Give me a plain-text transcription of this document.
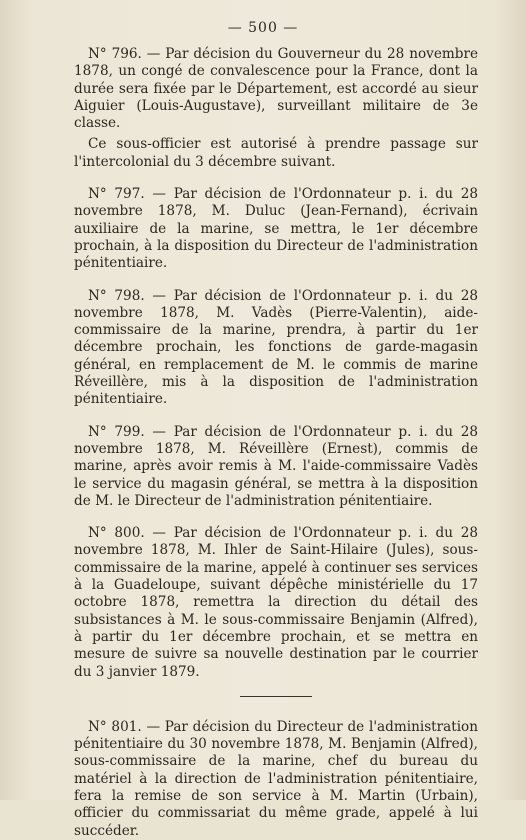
— 500 —

N° 796. — Par décision du Gouverneur du 28 novembre 1878, un congé de convalescence pour la France, dont la durée sera fixée par le Département, est accordé au sieur Aiguier (Louis-Augustave), surveillant militaire de 3e classe.

Ce sous-officier est autorisé à prendre passage sur l'intercolonial du 3 décembre suivant.

N° 797. — Par décision de l'Ordonnateur p. i. du 28 novembre 1878, M. Duluc (Jean-Fernand), écrivain auxiliaire de la marine, se mettra, le 1er décembre prochain, à la disposition du Directeur de l'administration pénitentiaire.

N° 798. — Par décision de l'Ordonnateur p. i. du 28 novembre 1878, M. Vadès (Pierre-Valentin), aide-commissaire de la marine, prendra, à partir du 1er décembre prochain, les fonctions de garde-magasin général, en remplacement de M. le commis de marine Réveillère, mis à la disposition de l'administration pénitentiaire.

N° 799. — Par décision de l'Ordonnateur p. i. du 28 novembre 1878, M. Réveillère (Ernest), commis de marine, après avoir remis à M. l'aide-commissaire Vadès le service du magasin général, se mettra à la disposition de M. le Directeur de l'administration pénitentiaire.

N° 800. — Par décision de l'Ordonnateur p. i. du 28 novembre 1878, M. Ihler de Saint-Hilaire (Jules), sous-commissaire de la marine, appelé à continuer ses services à la Guadeloupe, suivant dépêche ministérielle du 17 octobre 1878, remettra la direction du détail des subsistances à M. le sous-commissaire Benjamin (Alfred), à partir du 1er décembre prochain, et se mettra en mesure de suivre sa nouvelle destination par le courrier du 3 janvier 1879.

N° 801. — Par décision du Directeur de l'administration pénitentiaire du 30 novembre 1878, M. Benjamin (Alfred), sous-commissaire de la marine, chef du bureau du matériel à la direction de l'administration pénitentiaire, fera la remise de son service à M. Martin (Urbain), officier du commissariat du même grade, appelé à lui succéder.
